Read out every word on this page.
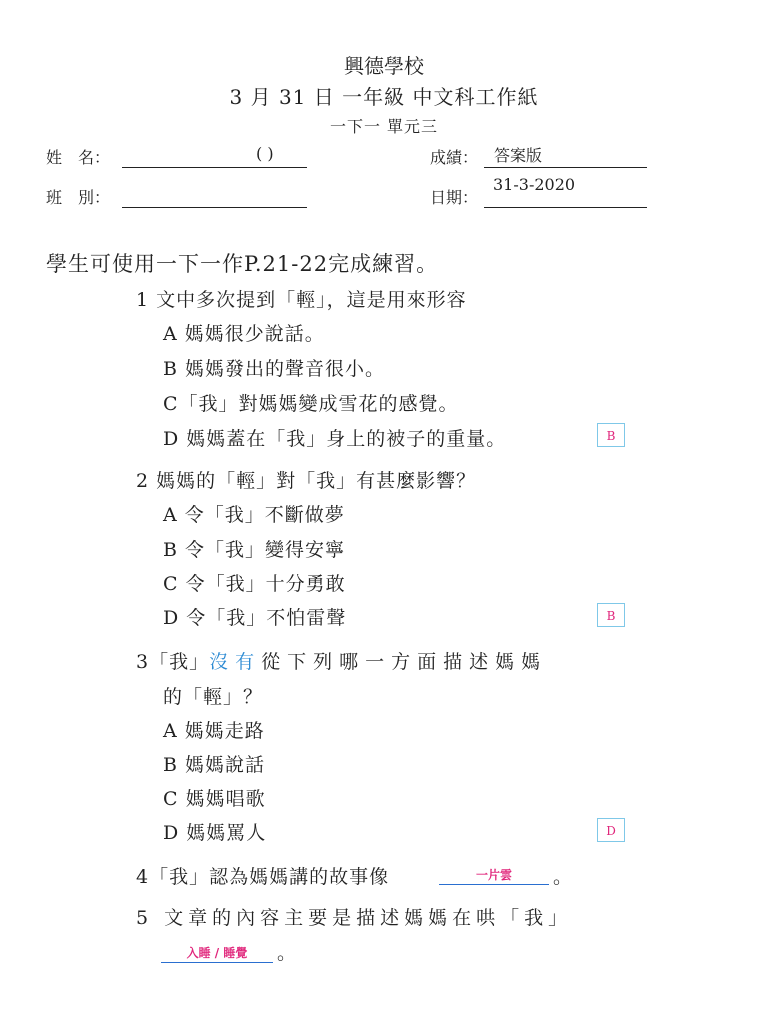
興德學校
3 月 31 日 一年級 中文科工作紙
一下一 單元三
姓　名：	( )
班　別：
成績： 答案版
日期：
31-3-2020
學生可使用一下一作P.21-22完成練習。
1 文中多次提到「輕」，這是用來形容
A 媽媽很少說話。
B 媽媽發出的聲音很小。
C「我」對媽媽變成雪花的感覺。
D 媽媽蓋在「我」身上的被子的重量。	B
2 媽媽的「輕」對「我」有甚麼影響？
A 令「我」不斷做夢
B 令「我」變得安寧
C 令「我」十分勇敢
D 令「我」不怕雷聲	B
3「我」沒有從下列哪一方面描述媽媽
的「輕」？
A 媽媽走路
B 媽媽說話
C 媽媽唱歌
D 媽媽罵人	D
4「我」認為媽媽講的故事像	一片雲	。
5 文章的內容主要是描述媽媽在哄「我」
入睡 / 睡覺	。
